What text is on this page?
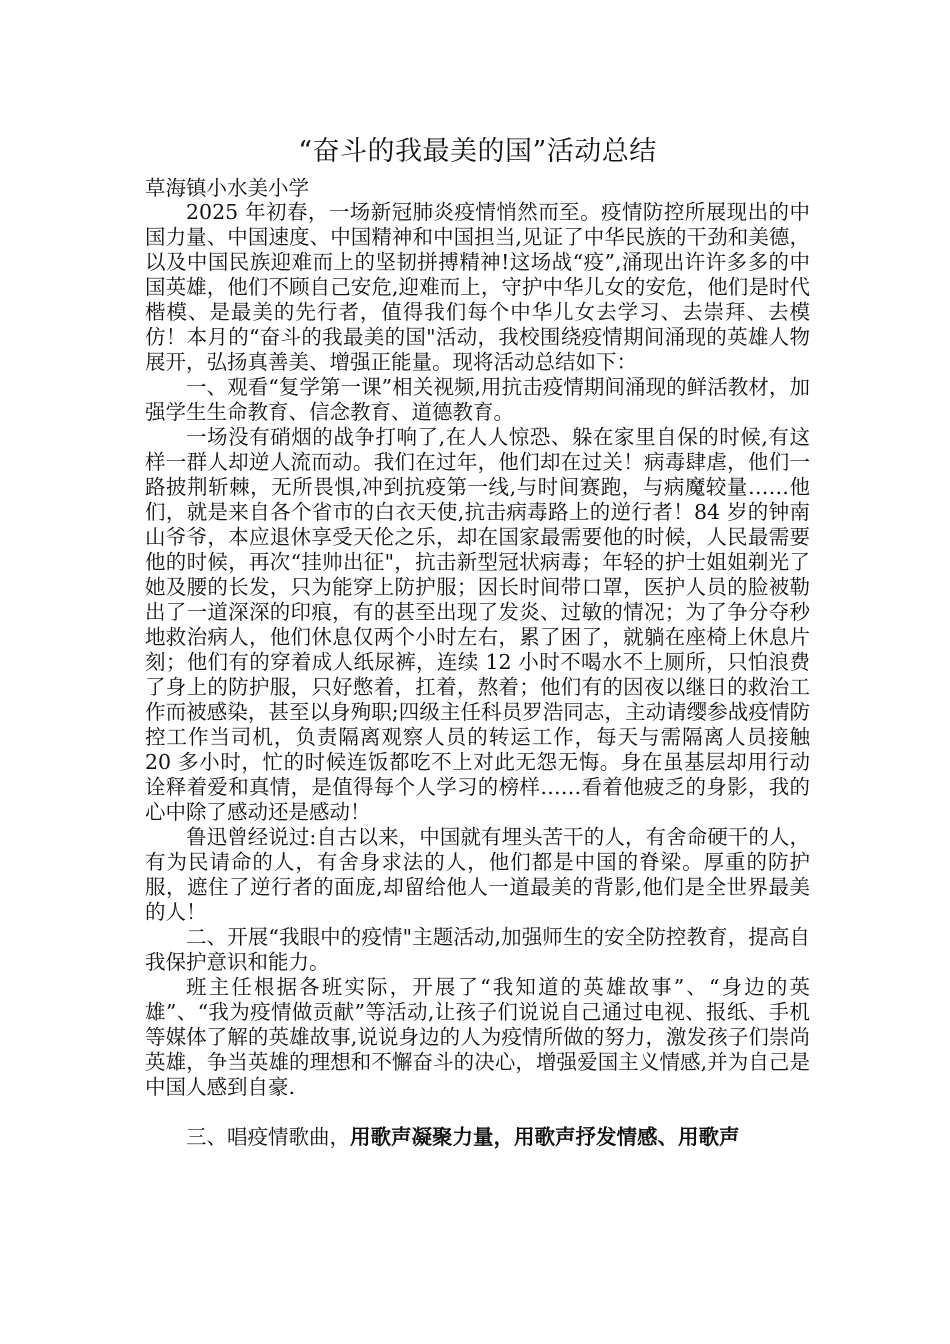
“奋斗的我最美的国”活动总结
草海镇小水美小学

2025 年初春，一场新冠肺炎疫情悄然而至。疫情防控所展现出的中国力量、中国速度、中国精神和中国担当,见证了中华民族的干劲和美德，以及中国民族迎难而上的坚韧拼搏精神!这场战“疫”,涌现出许许多多的中国英雄，他们不顾自己安危,迎难而上，守护中华儿女的安危，他们是时代楷模、是最美的先行者，值得我们每个中华儿女去学习、去崇拜、去模仿！本月的“奋斗的我最美的国"活动，我校围绕疫情期间涌现的英雄人物展开，弘扬真善美、增强正能量。现将活动总结如下：

一、观看“复学第一课”相关视频,用抗击疫情期间涌现的鲜活教材，加强学生生命教育、信念教育、道德教育。

一场没有硝烟的战争打响了,在人人惊恐、躲在家里自保的时候,有这样一群人却逆人流而动。我们在过年，他们却在过关！病毒肆虐，他们一路披荆斩棘，无所畏惧,冲到抗疫第一线,与时间赛跑，与病魔较量……他们，就是来自各个省市的白衣天使,抗击病毒路上的逆行者！84 岁的钟南山爷爷，本应退休享受天伦之乐，却在国家最需要他的时候，人民最需要他的时候，再次“挂帅出征"，抗击新型冠状病毒；年轻的护士姐姐剃光了她及腰的长发，只为能穿上防护服；因长时间带口罩，医护人员的脸被勒出了一道深深的印痕，有的甚至出现了发炎、过敏的情况；为了争分夺秒地救治病人，他们休息仅两个小时左右，累了困了，就躺在座椅上休息片刻；他们有的穿着成人纸尿裤，连续 12 小时不喝水不上厕所，只怕浪费了身上的防护服，只好憋着，扛着，熬着；他们有的因夜以继日的救治工作而被感染，甚至以身殉职;四级主任科员罗浩同志，主动请缨参战疫情防控工作当司机，负责隔离观察人员的转运工作，每天与需隔离人员接触 20 多小时，忙的时候连饭都吃不上对此无怨无悔。身在虽基层却用行动诠释着爱和真情，是值得每个人学习的榜样……看着他疲乏的身影，我的心中除了感动还是感动！

鲁迅曾经说过:自古以来，中国就有埋头苦干的人，有舍命硬干的人，有为民请命的人，有舍身求法的人，他们都是中国的脊梁。厚重的防护服，遮住了逆行者的面庞,却留给他人一道最美的背影,他们是全世界最美的人！

二、开展“我眼中的疫情"主题活动,加强师生的安全防控教育，提高自我保护意识和能力。

班主任根据各班实际，开展了“我知道的英雄故事”、“身边的英雄”、“我为疫情做贡献”等活动,让孩子们说说自己通过电视、报纸、手机等媒体了解的英雄故事,说说身边的人为疫情所做的努力，激发孩子们崇尚英雄，争当英雄的理想和不懈奋斗的决心，增强爱国主义情感,并为自己是中国人感到自豪.

三、唱疫情歌曲，用歌声凝聚力量，用歌声抒发情感、用歌声
